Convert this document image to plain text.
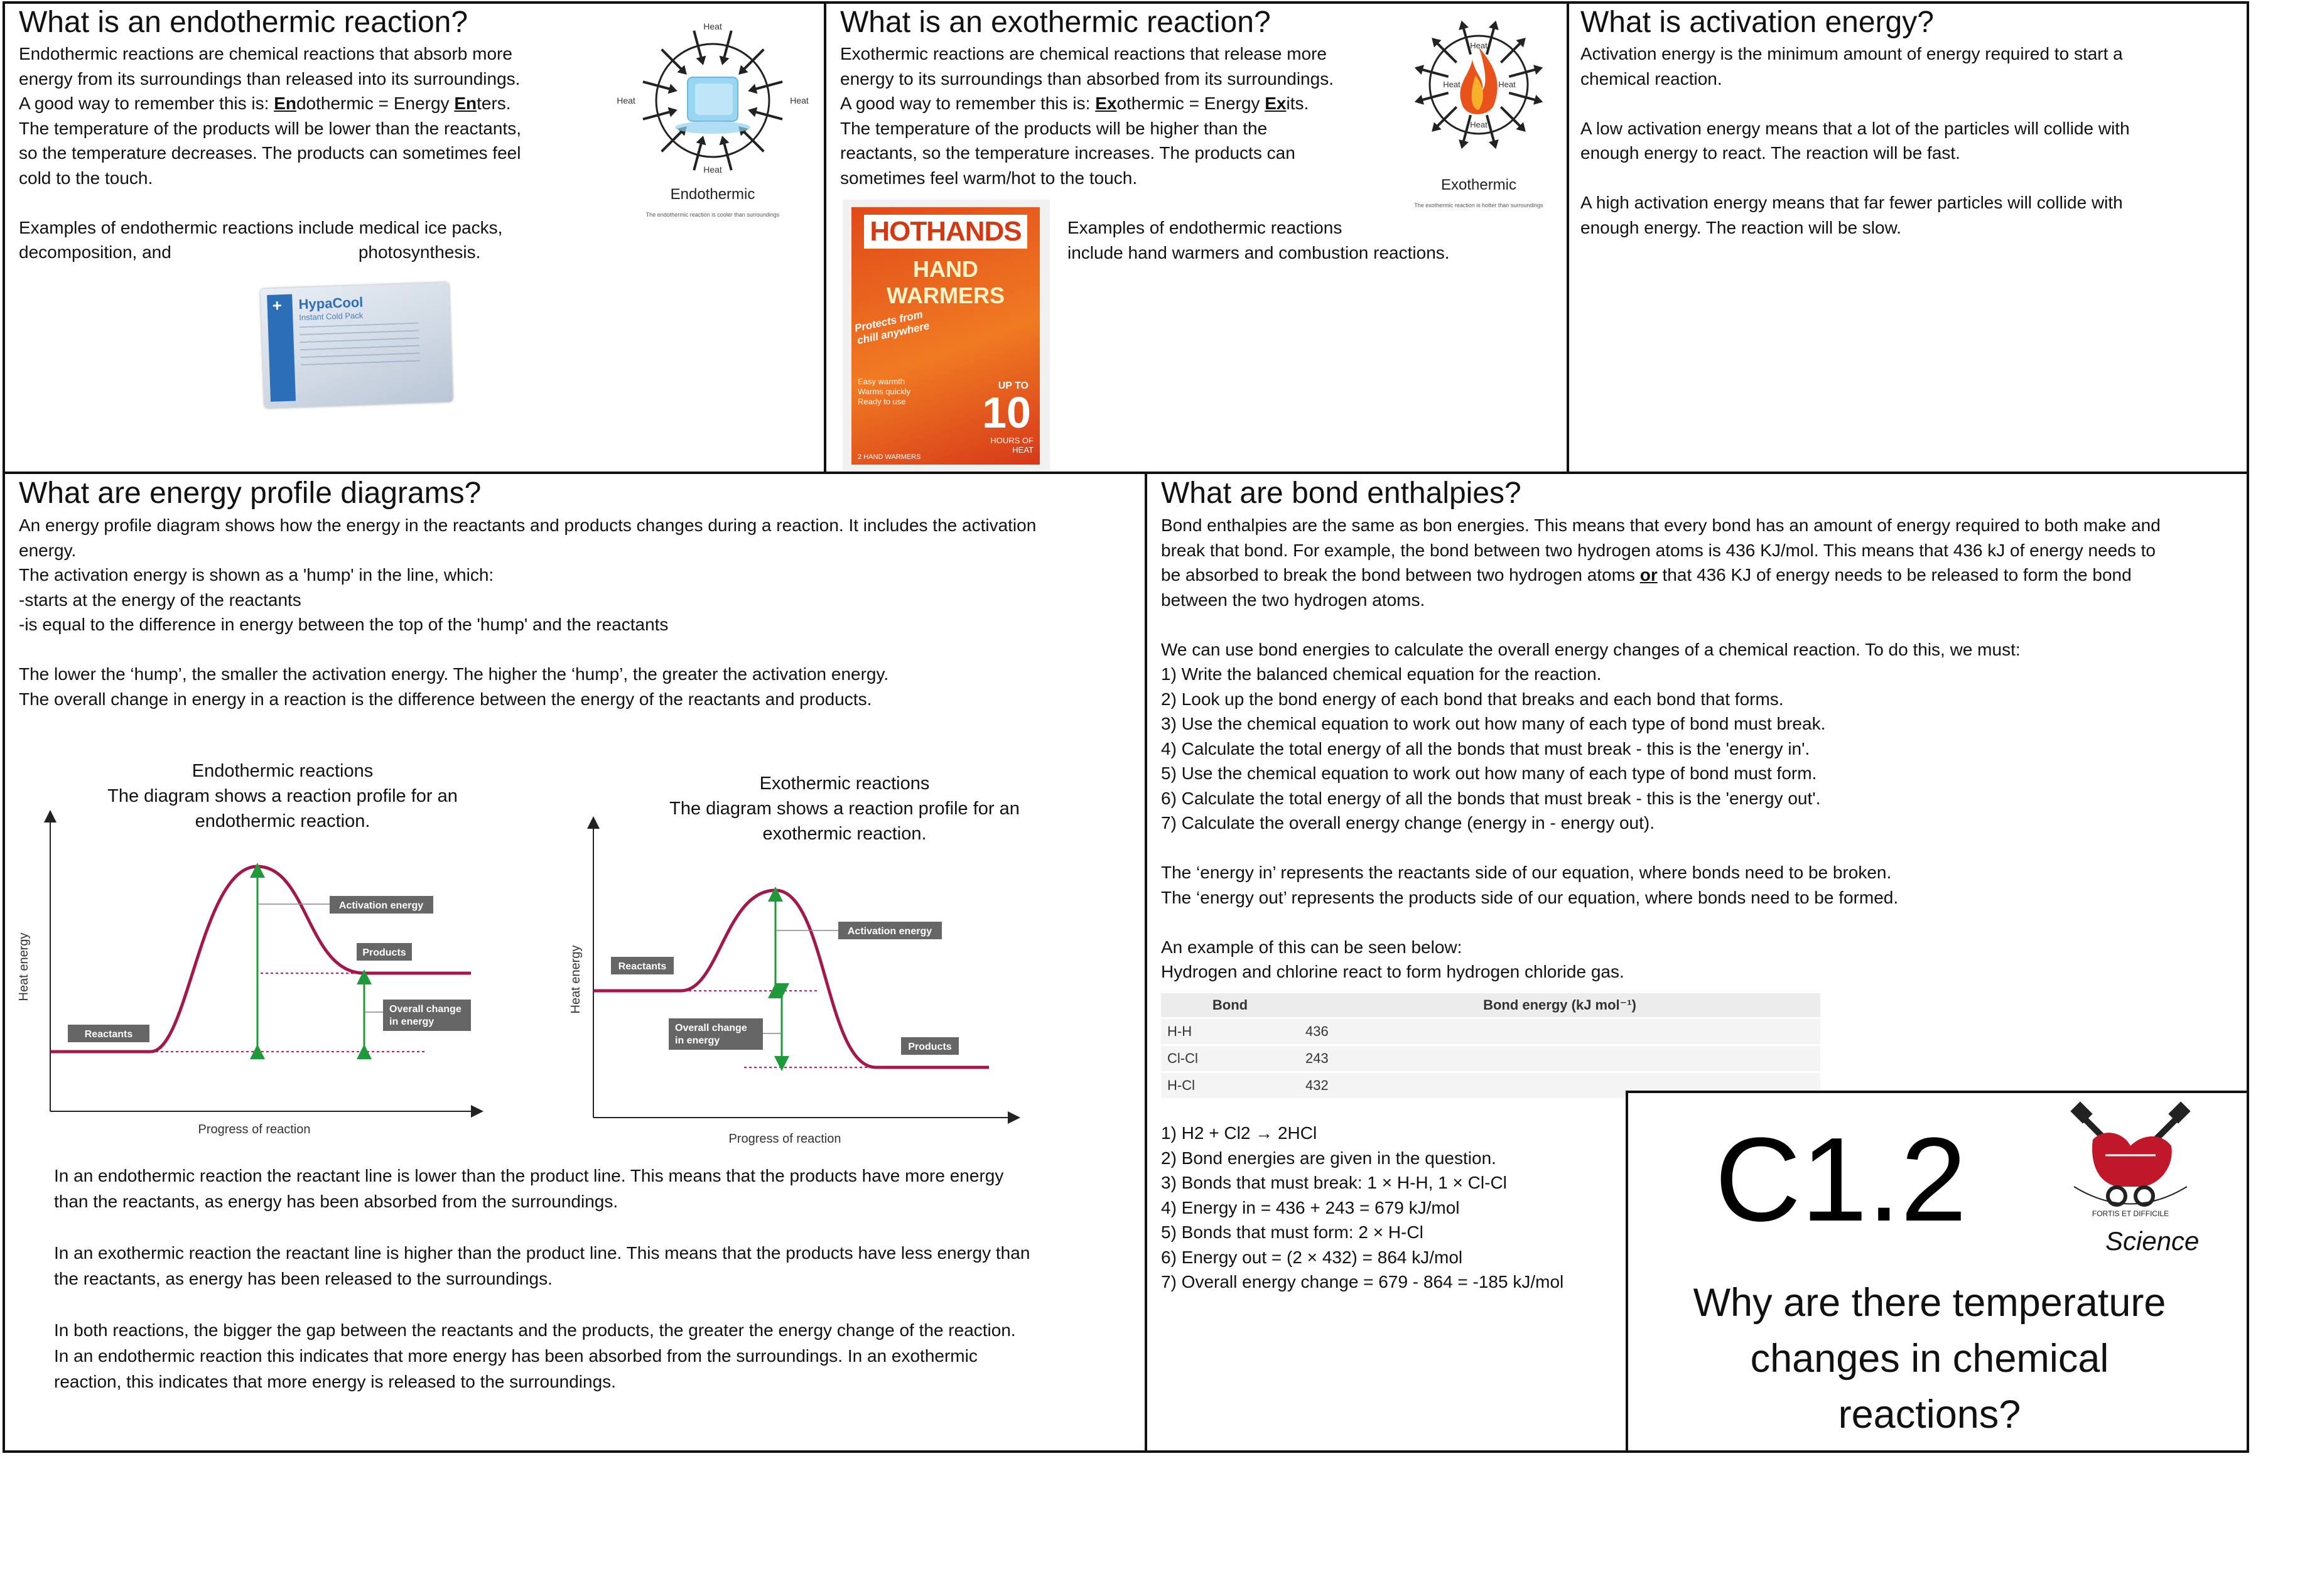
What is an endothermic reaction?

Endothermic reactions are chemical reactions that absorb more

energy from its surroundings than released into its surroundings.

A good way to remember this is: Endothermic = Energy Enters.

The temperature of the products will be lower than the reactants,

so the temperature decreases. The products can sometimes feel

cold to the touch.

Examples of endothermic reactions include medical ice packs,

decomposition, and	photosynthesis.

Heat
Heat	Heat
Heat
Endothermic
The endothermic reaction is cooler than surroundings
+	HypaCool
Instant Cold Pack
What is an exothermic reaction?

Exothermic reactions are chemical reactions that release more

energy to its surroundings than absorbed from its surroundings.

A good way to remember this is: Exothermic = Energy Exits.

The temperature of the products will be higher than the

reactants, so the temperature increases. The products can

sometimes feel warm/hot to the touch.

Examples of endothermic reactions

include hand warmers and combustion reactions.

Heat
Heat	Heat
Heat
Exothermic
The exothermic reaction is hotter than surroundings
HOTHANDS
HAND WARMERS
Protects from chill anywhere
Easy warmth
Warms quickly
Ready to use
UP TO
10
HOURS OF HEAT
2 HAND WARMERS
What is activation energy?

Activation energy is the minimum amount of energy required to start a

chemical reaction.

A low activation energy means that a lot of the particles will collide with

enough energy to react. The reaction will be fast.

A high activation energy means that far fewer particles will collide with

enough energy. The reaction will be slow.

What are energy profile diagrams?

An energy profile diagram shows how the energy in the reactants and products changes during a reaction. It includes the activation

energy.

The activation energy is shown as a 'hump' in the line, which:

-starts at the energy of the reactants

-is equal to the difference in energy between the top of the 'hump' and the reactants

The lower the ‘hump’, the smaller the activation energy. The higher the ‘hump’, the greater the activation energy.

The overall change in energy in a reaction is the difference between the energy of the reactants and products.

Endothermic reactions
The diagram shows a reaction profile for an
endothermic reaction.
Exothermic reactions
The diagram shows a reaction profile for an
exothermic reaction.
Heat energy
Progress of reaction
Activation energy
Products
Overall change
in energy
Reactants
Heat energy
Progress of reaction
Activation energy
Reactants
Overall change
in energy
Products

In an endothermic reaction the reactant line is lower than the product line. This means that the products have more energy

than the reactants, as energy has been absorbed from the surroundings.

In an exothermic reaction the reactant line is higher than the product line. This means that the products have less energy than

the reactants, as energy has been released to the surroundings.

In both reactions, the bigger the gap between the reactants and the products, the greater the energy change of the reaction.

In an endothermic reaction this indicates that more energy has been absorbed from the surroundings. In an exothermic

reaction, this indicates that more energy is released to the surroundings.

What are bond enthalpies?

Bond enthalpies are the same as bon energies. This means that every bond has an amount of energy required to both make and

break that bond. For example, the bond between two hydrogen atoms is 436 KJ/mol. This means that 436 kJ of energy needs to

be absorbed to break the bond between two hydrogen atoms or that 436 KJ of energy needs to be released to form the bond

between the two hydrogen atoms.

We can use bond energies to calculate the overall energy changes of a chemical reaction. To do this, we must:

1) Write the balanced chemical equation for the reaction.

2) Look up the bond energy of each bond that breaks and each bond that forms.

3) Use the chemical equation to work out how many of each type of bond must break.

4) Calculate the total energy of all the bonds that must break - this is the 'energy in'.

5) Use the chemical equation to work out how many of each type of bond must form.

6) Calculate the total energy of all the bonds that must break - this is the 'energy out'.

7) Calculate the overall energy change (energy in - energy out).

The ‘energy in’ represents the reactants side of our equation, where bonds need to be broken.

The ‘energy out’ represents the products side of our equation, where bonds need to be formed.

An example of this can be seen below:

Hydrogen and chlorine react to form hydrogen chloride gas.

Bond	Bond energy (kJ mol⁻¹)
H-H	436
Cl-Cl	243
H-Cl	432

1) H2 + Cl2 → 2HCl

2) Bond energies are given in the question.

3) Bonds that must break: 1 × H-H, 1 × Cl-Cl

4) Energy in = 436 + 243 = 679 kJ/mol

5) Bonds that must form: 2 × H-Cl

6) Energy out = (2 × 432) = 864 kJ/mol

7) Overall energy change = 679 - 864 = -185 kJ/mol

C1.2	FORTIS ET DIFFICILE
Science
Why are there temperature
changes in chemical
reactions?
